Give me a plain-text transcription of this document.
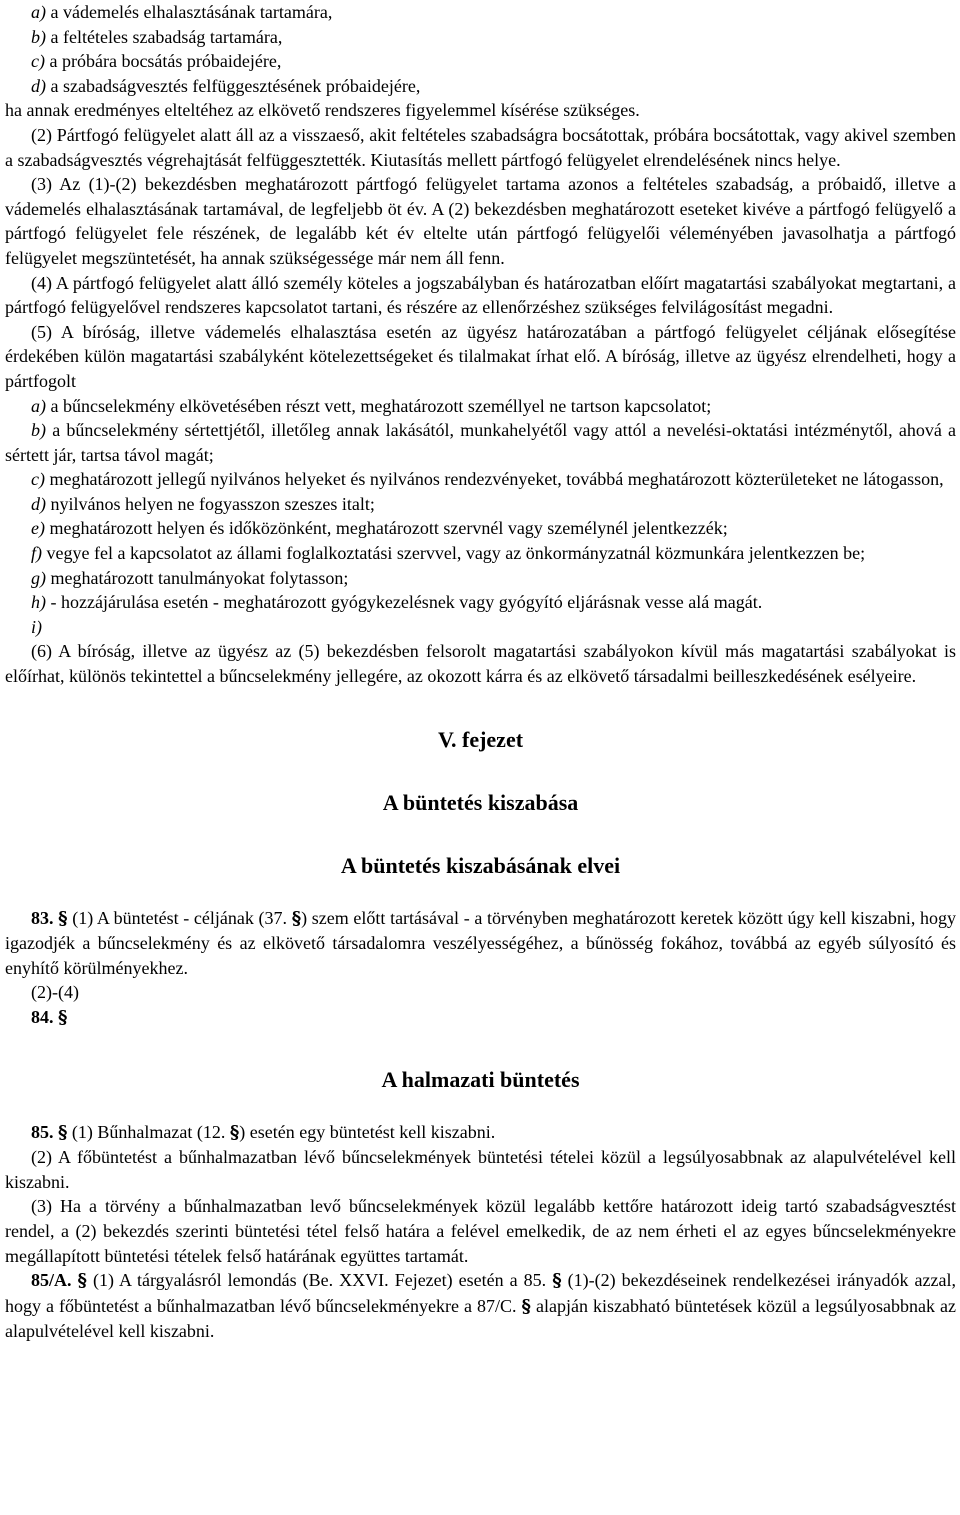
a) a vádemelés elhalasztásának tartamára,
b) a feltételes szabadság tartamára,
c) a próbára bocsátás próbaidejére,
d) a szabadságvesztés felfüggesztésének próbaidejére,
ha annak eredményes elteltéhez az elkövető rendszeres figyelemmel kísérése szükséges.

(2) Pártfogó felügyelet alatt áll az a visszaeső, akit feltételes szabadságra bocsátottak, próbára bocsátottak, vagy akivel szemben a szabadságvesztés végrehajtását felfüggesztették. Kiutasítás mellett pártfogó felügyelet elrendelésének nincs helye.

(3) Az (1)-(2) bekezdésben meghatározott pártfogó felügyelet tartama azonos a feltételes szabadság, a próbaidő, illetve a vádemelés elhalasztásának tartamával, de legfeljebb öt év. A (2) bekezdésben meghatározott eseteket kivéve a pártfogó felügyelő a pártfogó felügyelet fele részének, de legalább két év eltelte után pártfogó felügyelői véleményében javasolhatja a pártfogó felügyelet megszüntetését, ha annak szükségessége már nem áll fenn.

(4) A pártfogó felügyelet alatt álló személy köteles a jogszabályban és határozatban előírt magatartási szabályokat megtartani, a pártfogó felügyelővel rendszeres kapcsolatot tartani, és részére az ellenőrzéshez szükséges felvilágosítást megadni.

(5) A bíróság, illetve vádemelés elhalasztása esetén az ügyész határozatában a pártfogó felügyelet céljának elősegítése érdekében külön magatartási szabályként kötelezettségeket és tilalmakat írhat elő. A bíróság, illetve az ügyész elrendelheti, hogy a pártfogolt

a) a bűncselekmény elkövetésében részt vett, meghatározott személlyel ne tartson kapcsolatot;

b) a bűncselekmény sértettjétől, illetőleg annak lakásától, munkahelyétől vagy attól a nevelési-oktatási intézménytől, ahová a sértett jár, tartsa távol magát;

c) meghatározott jellegű nyilvános helyeket és nyilvános rendezvényeket, továbbá meghatározott közterületeket ne látogasson,

d) nyilvános helyen ne fogyasszon szeszes italt;

e) meghatározott helyen és időközönként, meghatározott szervnél vagy személynél jelentkezzék;

f) vegye fel a kapcsolatot az állami foglalkoztatási szervvel, vagy az önkormányzatnál közmunkára jelentkezzen be;

g) meghatározott tanulmányokat folytasson;

h) - hozzájárulása esetén - meghatározott gyógykezelésnek vagy gyógyító eljárásnak vesse alá magát.

i)

(6) A bíróság, illetve az ügyész az (5) bekezdésben felsorolt magatartási szabályokon kívül más magatartási szabályokat is előírhat, különös tekintettel a bűncselekmény jellegére, az okozott kárra és az elkövető társadalmi beilleszkedésének esélyeire.

V. fejezet

A büntetés kiszabása

A büntetés kiszabásának elvei

83. § (1) A büntetést - céljának (37. §) szem előtt tartásával - a törvényben meghatározott keretek között úgy kell kiszabni, hogy igazodjék a bűncselekmény és az elkövető társadalomra veszélyességéhez, a bűnösség fokához, továbbá az egyéb súlyosító és enyhítő körülményekhez.

(2)-(4)

84. §

A halmazati büntetés

85. § (1) Bűnhalmazat (12. §) esetén egy büntetést kell kiszabni.

(2) A főbüntetést a bűnhalmazatban lévő bűncselekmények büntetési tételei közül a legsúlyosabbnak az alapulvételével kell kiszabni.

(3) Ha a törvény a bűnhalmazatban levő bűncselekmények közül legalább kettőre határozott ideig tartó szabadságvesztést rendel, a (2) bekezdés szerinti büntetési tétel felső határa a felével emelkedik, de az nem érheti el az egyes bűncselekményekre megállapított büntetési tételek felső határának együttes tartamát.

85/A. § (1) A tárgyalásról lemondás (Be. XXVI. Fejezet) esetén a 85. § (1)-(2) bekezdéseinek rendelkezései irányadók azzal, hogy a főbüntetést a bűnhalmazatban lévő bűncselekményekre a 87/C. § alapján kiszabható büntetések közül a legsúlyosabbnak az alapulvételével kell kiszabni.
